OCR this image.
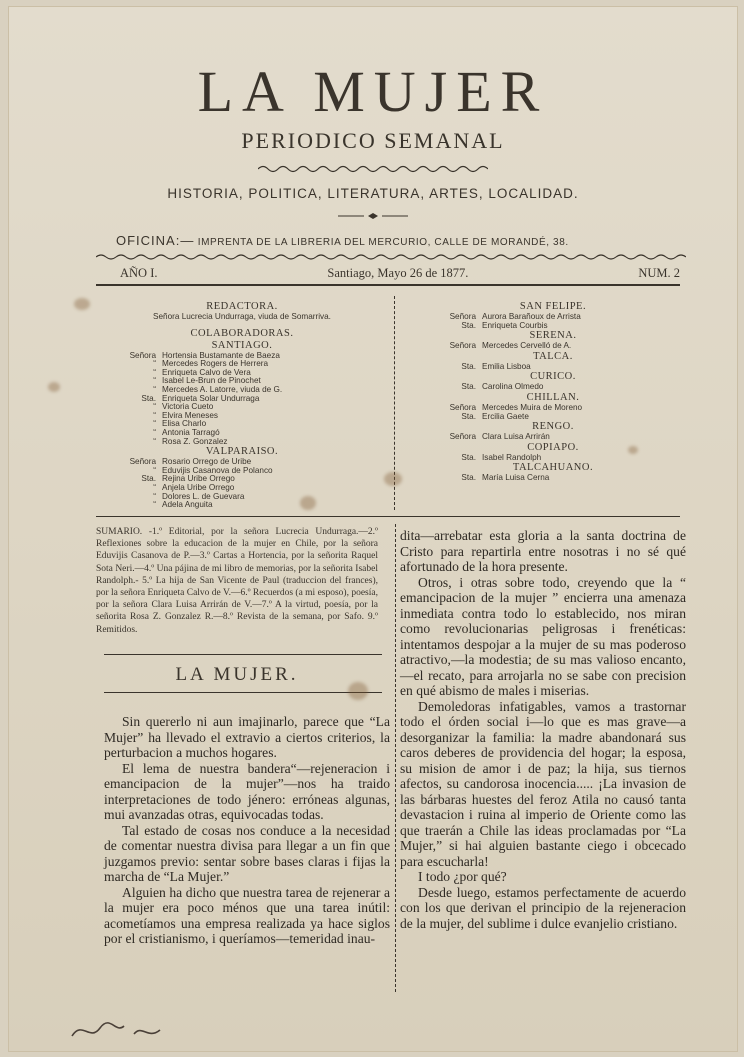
LA MUJER
PERIODICO SEMANAL
HISTORIA, POLITICA, LITERATURA, ARTES, LOCALIDAD.
OFICINA:— IMPRENTA DE LA LIBRERIA DEL MERCURIO, CALLE DE MORANDÉ, 38.
AÑO I.	Santiago, Mayo 26 de 1877.	NUM. 2
REDACTORA.
Señora Lucrecia Undurraga, viuda de Somarriva.
COLABORADORAS.
SANTIAGO.
Señora Hortensia Bustamante de Baeza
“ Mercedes Rogers de Herrera
“ Enriqueta Calvo de Vera
“ Isabel Le-Brun de Pinochet
“ Mercedes A. Latorre, viuda de G.
Sta. Enriqueta Solar Undurraga
“ Victoria Cueto
“ Elvira Meneses
“ Elisa Charlo
“ Antonia Tarragó
“ Rosa Z. Gonzalez
VALPARAISO.
Señora Rosario Orrego de Uribe
“ Eduvijis Casanova de Polanco
Sta. Rejina Uribe Orrego
“ Anjela Uribe Orrego
“ Dolores L. de Guevara
“ Adela Anguita
SAN FELIPE.
Señora Aurora Barañoux de Arrista
Sta. Enriqueta Courbis
SERENA.
Señora Mercedes Cervelló de A.
TALCA.
Sta. Emilia Lisboa
CURICO.
Sta. Carolina Olmedo
CHILLAN.
Señora Mercedes Muira de Moreno
Sta. Ercilia Gaete
RENGO.
Señora Clara Luisa Arrirán
COPIAPO.
Sta. Isabel Randolph
TALCAHUANO.
Sta. María Luisa Cerna
SUMARIO. -1.º Editorial, por la señora Lucrecia Undurraga.—2.º Reflexiones sobre la educacion de la mujer en Chile, por la señora Eduvijis Casanova de P.—3.º Cartas a Hortencia, por la señorita Raquel Sota Neri.—4.º Una pájina de mi libro de memorias, por la señorita Isabel Randolph.- 5.º La hija de San Vicente de Paul (traduccion del frances), por la señora Enriqueta Calvo de V.—6.º Recuerdos (a mi esposo), poesía, por la señora Clara Luisa Arrirán de V.—7.º A la virtud, poesía, por la señorita Rosa Z. Gonzalez R.—8.º Revista de la semana, por Safo. 9.º Remitidos.
LA MUJER.

Sin quererlo ni aun imajinarlo, parece que “La Mujer” ha llevado el extravio a ciertos criterios, la perturbacion a muchos hogares.

El lema de nuestra bandera“—rejeneracion i emancipacion de la mujer”—nos ha traido interpretaciones de todo jénero: erróneas algunas, mui avanzadas otras, equivocadas todas.

Tal estado de cosas nos conduce a la necesidad de comentar nuestra divisa para llegar a un fin que juzgamos previo: sentar sobre bases claras i fijas la marcha de “La Mujer.”

Alguien ha dicho que nuestra tarea de rejenerar a la mujer era poco ménos que una tarea inútil: acometíamos una empresa realizada ya hace siglos por el cristianismo, i queríamos—temeridad inau-

dita—arrebatar esta gloria a la santa doctrina de Cristo para repartirla entre nosotras i no sé qué afortunado de la hora presente.

Otros, i otras sobre todo, creyendo que la “ emancipacion de la mujer ” encierra una amenaza inmediata contra todo lo establecido, nos miran como revolucionarias peligrosas i frenéticas: intentamos despojar a la mujer de su mas poderoso atractivo,—la modestia; de su mas valioso encanto,—el recato, para arrojarla no se sabe con precision en qué abismo de males i miserias.

Demoledoras infatigables, vamos a trastornar todo el órden social i—lo que es mas grave—a desorganizar la familia: la madre abandonará sus caros deberes de providencia del hogar; la esposa, su mision de amor i de paz; la hija, sus tiernos afectos, su candorosa inocencia..... ¡La invasion de las bárbaras huestes del feroz Atila no causó tanta devastacion i ruina al imperio de Oriente como las que traerán a Chile las ideas proclamadas por “La Mujer,” si hai alguien bastante ciego i obcecado para escucharla!

I todo ¿por qué?

Desde luego, estamos perfectamente de acuerdo con los que derivan el principio de la rejeneracion de la mujer, del sublime i dulce evanjelio cristiano.
